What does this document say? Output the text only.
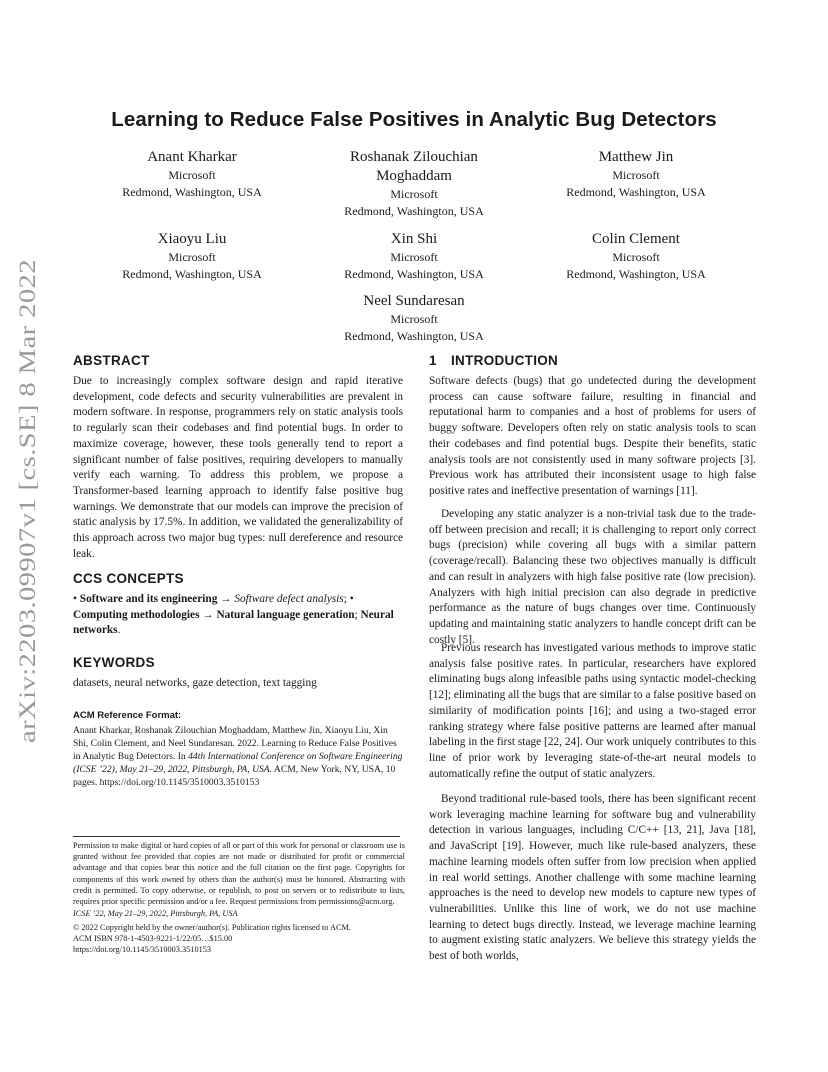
arXiv:2203.09907v1 [cs.SE] 8 Mar 2022
Learning to Reduce False Positives in Analytic Bug Detectors
Anant Kharkar
Microsoft
Redmond, Washington, USA
Roshanak Zilouchian Moghaddam
Microsoft
Redmond, Washington, USA
Matthew Jin
Microsoft
Redmond, Washington, USA
Xiaoyu Liu
Microsoft
Redmond, Washington, USA
Xin Shi
Microsoft
Redmond, Washington, USA
Colin Clement
Microsoft
Redmond, Washington, USA
Neel Sundaresan
Microsoft
Redmond, Washington, USA
ABSTRACT

Due to increasingly complex software design and rapid iterative development, code defects and security vulnerabilities are prevalent in modern software. In response, programmers rely on static analysis tools to regularly scan their codebases and find potential bugs. In order to maximize coverage, however, these tools generally tend to report a significant number of false positives, requiring developers to manually verify each warning. To address this problem, we propose a Transformer-based learning approach to identify false positive bug warnings. We demonstrate that our models can improve the precision of static analysis by 17.5%. In addition, we validated the generalizability of this approach across two major bug types: null dereference and resource leak.

CCS CONCEPTS

• Software and its engineering → Software defect analysis; • Computing methodologies → Natural language generation; Neural networks.

KEYWORDS

datasets, neural networks, gaze detection, text tagging

ACM Reference Format:

Anant Kharkar, Roshanak Zilouchian Moghaddam, Matthew Jin, Xiaoyu Liu, Xin Shi, Colin Clement, and Neel Sundaresan. 2022. Learning to Reduce False Positives in Analytic Bug Detectors. In 44th International Conference on Software Engineering (ICSE ’22), May 21–29, 2022, Pittsburgh, PA, USA. ACM, New York, NY, USA, 10 pages. https://doi.org/10.1145/3510003.3510153

Permission to make digital or hard copies of all or part of this work for personal or classroom use is granted without fee provided that copies are not made or distributed for profit or commercial advantage and that copies bear this notice and the full citation on the first page. Copyrights for components of this work owned by others than the author(s) must be honored. Abstracting with credit is permitted. To copy otherwise, or republish, to post on servers or to redistribute to lists, requires prior specific permission and/or a fee. Request permissions from permissions@acm.org.

ICSE ’22, May 21–29, 2022, Pittsburgh, PA, USA

© 2022 Copyright held by the owner/author(s). Publication rights licensed to ACM.

ACM ISBN 978-1-4503-9221-1/22/05…$15.00

https://doi.org/10.1145/3510003.3510153

1 INTRODUCTION

Software defects (bugs) that go undetected during the development process can cause software failure, resulting in financial and reputational harm to companies and a host of problems for users of buggy software. Developers often rely on static analysis tools to scan their codebases and find potential bugs. Despite their benefits, static analysis tools are not consistently used in many software projects [3]. Previous work has attributed their inconsistent usage to high false positive rates and ineffective presentation of warnings [11].

Developing any static analyzer is a non-trivial task due to the trade-off between precision and recall; it is challenging to report only correct bugs (precision) while covering all bugs with a similar pattern (coverage/recall). Balancing these two objectives manually is difficult and can result in analyzers with high false positive rate (low precision). Analyzers with high initial precision can also degrade in predictive performance as the nature of bugs changes over time. Continuously updating and maintaining static analyzers to handle concept drift can be costly [5].

Previous research has investigated various methods to improve static analysis false positive rates. In particular, researchers have explored eliminating bugs along infeasible paths using syntactic model-checking [12]; eliminating all the bugs that are similar to a false positive based on similarity of modification points [16]; and using a two-staged error ranking strategy where false positive patterns are learned after manual labeling in the first stage [22, 24]. Our work uniquely contributes to this line of prior work by leveraging state-of-the-art neural models to automatically refine the output of static analyzers.

Beyond traditional rule-based tools, there has been significant recent work leveraging machine learning for software bug and vulnerability detection in various languages, including C/C++ [13, 21], Java [18], and JavaScript [19]. However, much like rule-based analyzers, these machine learning models often suffer from low precision when applied in real world settings. Another challenge with some machine learning approaches is the need to develop new models to capture new types of vulnerabilities. Unlike this line of work, we do not use machine learning to detect bugs directly. Instead, we leverage machine learning to augment existing static analyzers. We believe this strategy yields the best of both worlds,
